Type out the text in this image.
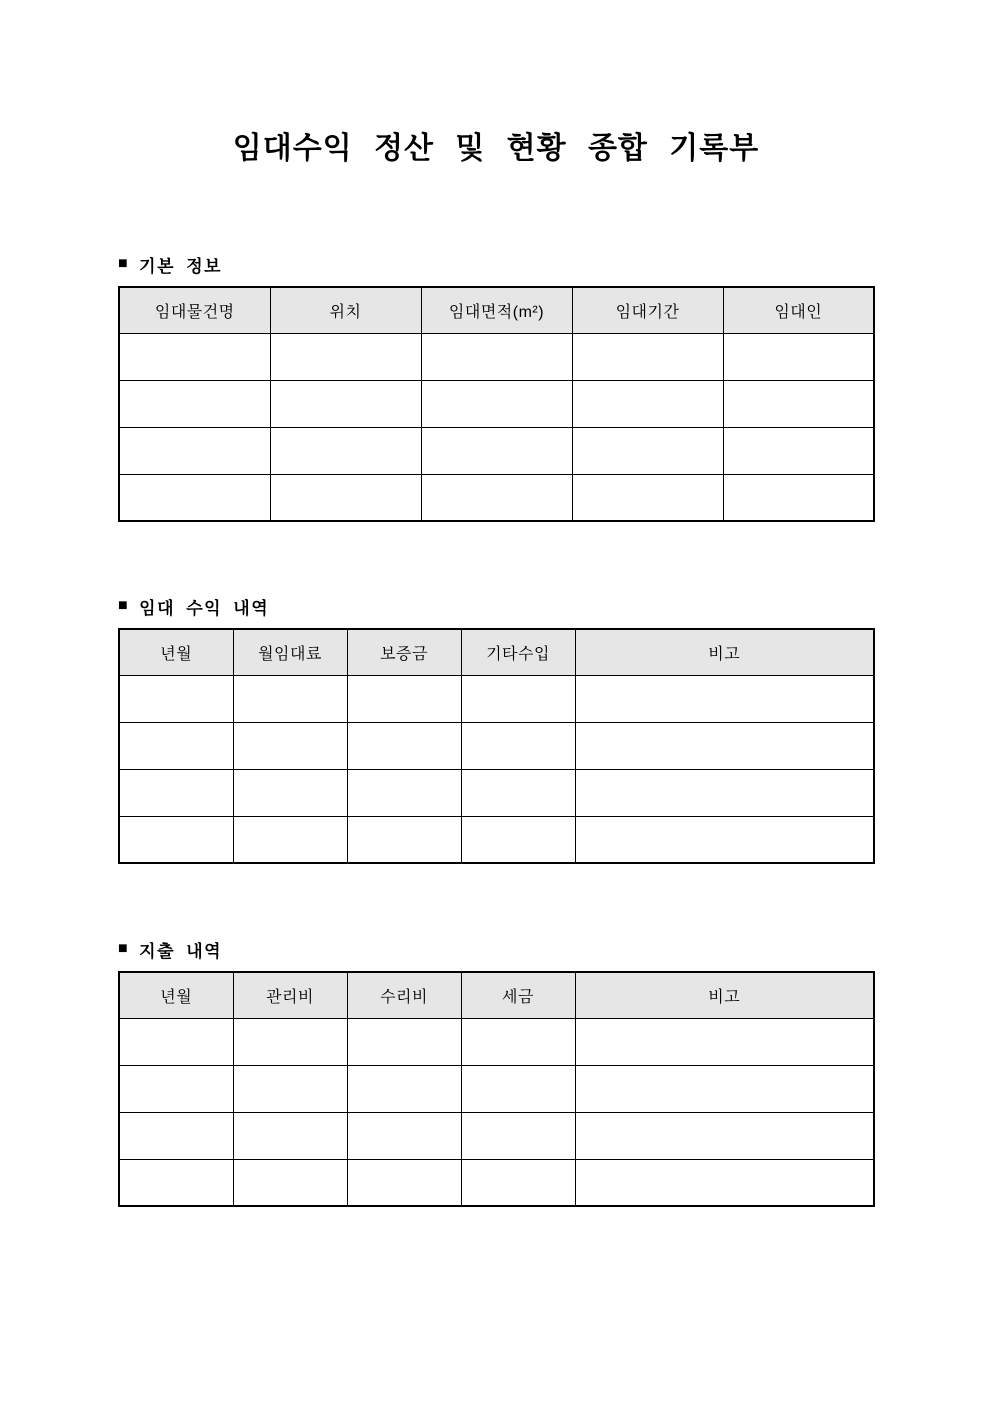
임대수익 정산 및 현황 종합 기록부
■ 기본 정보
임대물건명	위치	임대면적(m²)	임대기간	임대인

■ 임대 수익 내역
년월	월임대료	보증금	기타수입	비고

■ 지출 내역
년월	관리비	수리비	세금	비고
